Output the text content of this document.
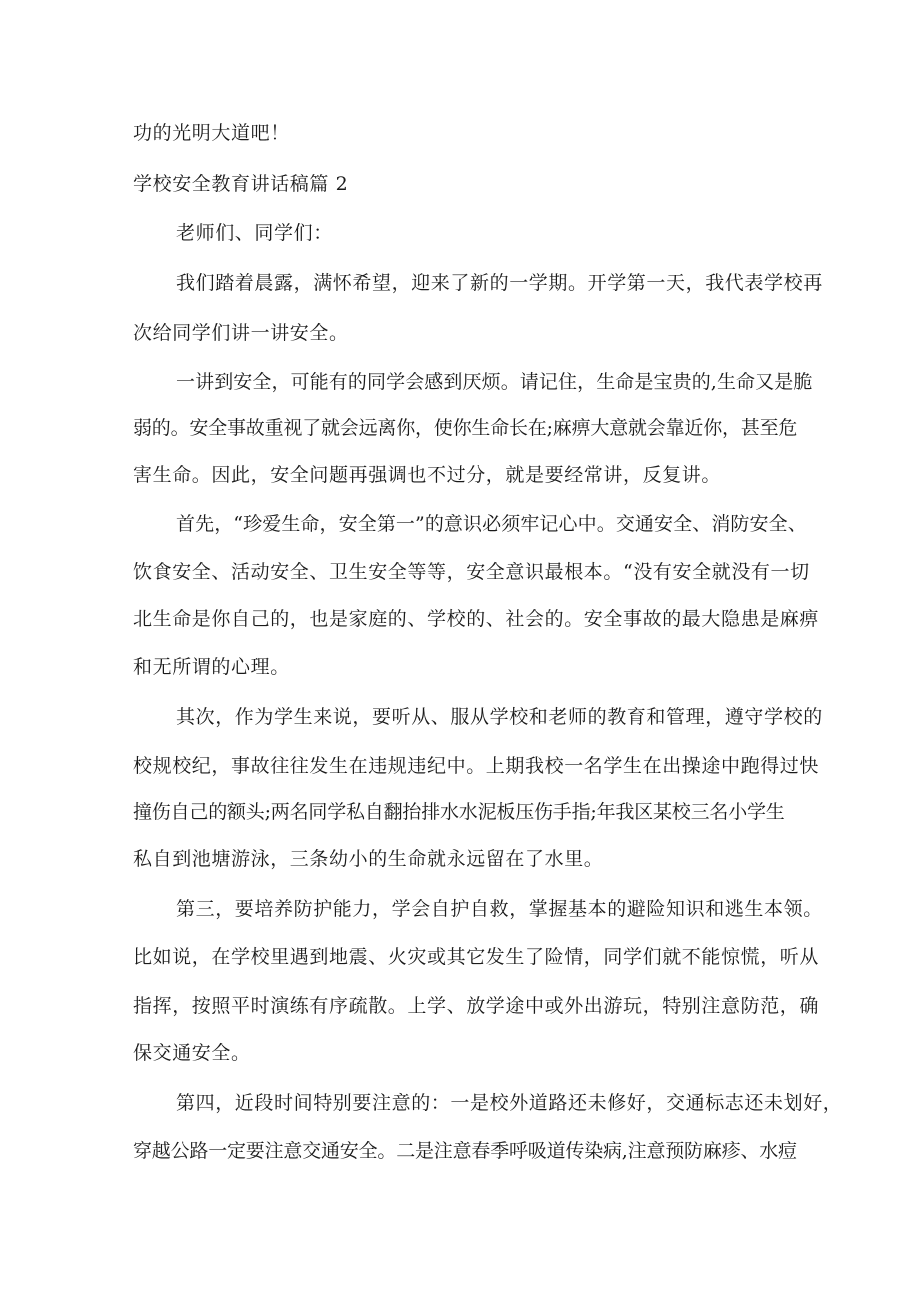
功的光明大道吧！

学校安全教育讲话稿篇 2

老师们、同学们：

我们踏着晨露，满怀希望，迎来了新的一学期。开学第一天，我代表学校再

次给同学们讲一讲安全。

一讲到安全，可能有的同学会感到厌烦。请记住，生命是宝贵的,生命又是脆

弱的。安全事故重视了就会远离你，使你生命长在;麻痹大意就会靠近你，甚至危

害生命。因此，安全问题再强调也不过分，就是要经常讲，反复讲。

首先，“珍爱生命，安全第一”的意识必须牢记心中。交通安全、消防安全、

饮食安全、活动安全、卫生安全等等，安全意识最根本。“没有安全就没有一切

北生命是你自己的，也是家庭的、学校的、社会的。安全事故的最大隐患是麻痹

和无所谓的心理。

其次，作为学生来说，要听从、服从学校和老师的教育和管理，遵守学校的

校规校纪，事故往往发生在违规违纪中。上期我校一名学生在出操途中跑得过快

撞伤自己的额头;两名同学私自翻抬排水水泥板压伤手指;年我区某校三名小学生

私自到池塘游泳，三条幼小的生命就永远留在了水里。

第三，要培养防护能力，学会自护自救，掌握基本的避险知识和逃生本领。

比如说，在学校里遇到地震、火灾或其它发生了险情，同学们就不能惊慌，听从

指挥，按照平时演练有序疏散。上学、放学途中或外出游玩，特别注意防范，确

保交通安全。

第四，近段时间特别要注意的：一是校外道路还未修好，交通标志还未划好，

穿越公路一定要注意交通安全。二是注意春季呼吸道传染病,注意预防麻疹、水痘
